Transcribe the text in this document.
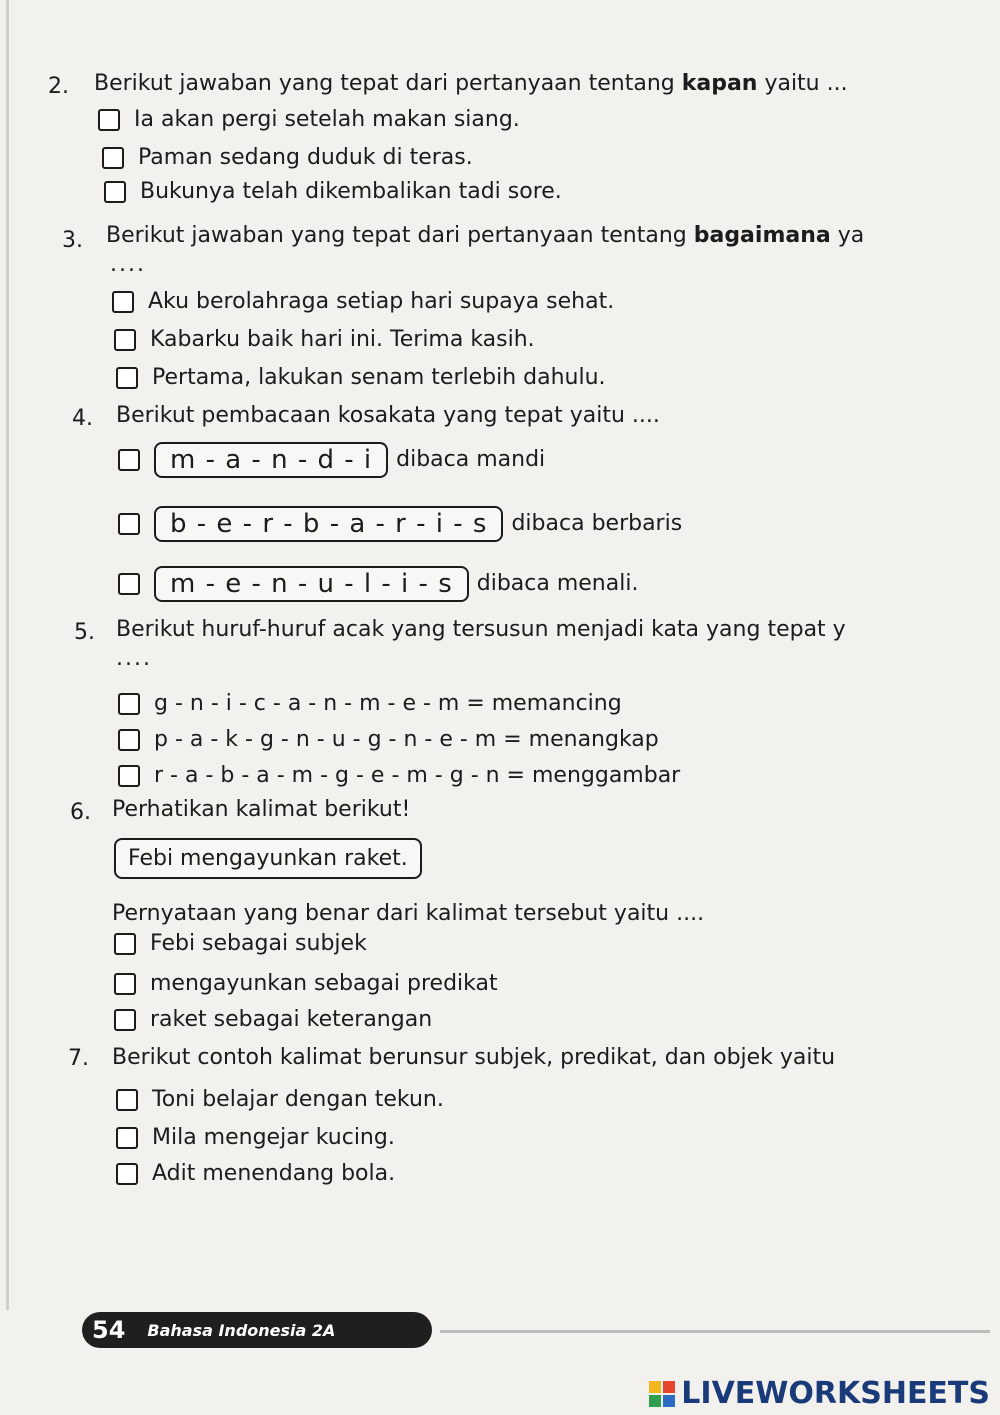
2. Berikut jawaban yang tepat dari pertanyaan tentang kapan yaitu ...
Ia akan pergi setelah makan siang.
Paman sedang duduk di teras.
Bukunya telah dikembalikan tadi sore.
3. Berikut jawaban yang tepat dari pertanyaan tentang bagaimana ya
....
Aku berolahraga setiap hari supaya sehat.
Kabarku baik hari ini. Terima kasih.
Pertama, lakukan senam terlebih dahulu.
4. Berikut pembacaan kosakata yang tepat yaitu ....
m - a - n - d - i	dibaca mandi
b - e - r - b - a - r - i - s	dibaca berbaris
m - e - n - u - l - i - s	dibaca menali.
5. Berikut huruf-huruf acak yang tersusun menjadi kata yang tepat y
....
g - n - i - c - a - n - m - e - m = memancing
p - a - k - g - n - u - g - n - e - m = menangkap
r - a - b - a - m - g - e - m - g - n = menggambar
6. Perhatikan kalimat berikut!
Febi mengayunkan raket.
Pernyataan yang benar dari kalimat tersebut yaitu ....
Febi sebagai subjek
mengayunkan sebagai predikat
raket sebagai keterangan
7. Berikut contoh kalimat berunsur subjek, predikat, dan objek yaitu
Toni belajar dengan tekun.
Mila mengejar kucing.
Adit menendang bola.
54 Bahasa Indonesia 2A
LIVEWORKSHEETS
